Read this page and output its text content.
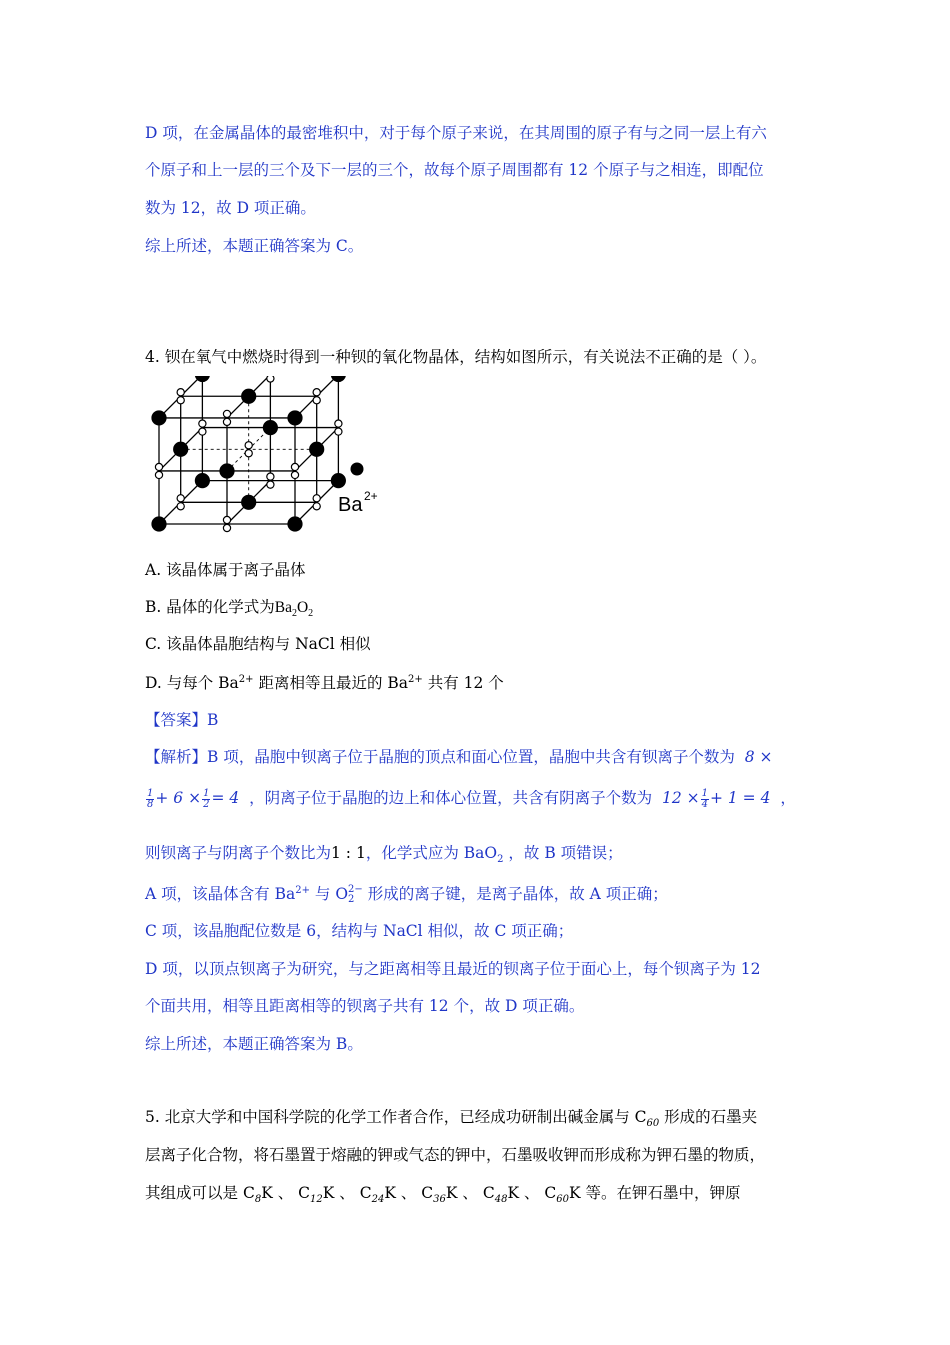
D 项，在金属晶体的最密堆积中，对于每个原子来说，在其周围的原子有与之同一层上有六
个原子和上一层的三个及下一层的三个，故每个原子周围都有 12 个原子与之相连，即配位
数为 12，故 D 项正确。
综上所述，本题正确答案为 C。
4. 钡在氧气中燃烧时得到一种钡的氧化物晶体，结构如图所示，有关说法不正确的是（ ）。
Ba 2+
A. 该晶体属于离子晶体
B. 晶体的化学式为$Ba_2O_2$
C. 该晶体晶胞结构与 NaCl 相似
D. 与每个 $Ba^{2+}$ 距离相等且最近的 $Ba^{2+}$ 共有 12 个
【答案】B
【解析】B 项，晶胞中钡离子位于晶胞的顶点和面心位置，晶胞中共含有钡离子个数为 8 ×
$\frac{1}{8} + 6 \times \frac{1}{2} = 4$ ，阴离子位于晶胞的边上和体心位置，共含有阴离子个数为 $12 \times \frac{1}{4} + 1 = 4$ ，
则钡离子与阴离子个数比为1 : 1，化学式应为 BaO$_2$ ，故 B 项错误；
A 项，该晶体含有 $Ba^{2+}$ 与 O 2−
2 形成的离子键，是离子晶体，故 A 项正确；
C 项，该晶胞配位数是 6，结构与 NaCl 相似，故 C 项正确；
D 项，以顶点钡离子为研究，与之距离相等且最近的钡离子位于面心上，每个钡离子为 12
个面共用，相等且距离相等的钡离子共有 12 个，故 D 项正确。
综上所述，本题正确答案为 B。
5. 北京大学和中国科学院的化学工作者合作，已经成功研制出碱金属与 $C_{60}$ 形成的石墨夹
层离子化合物，将石墨置于熔融的钾或气态的钾中，石墨吸收钾而形成称为钾石墨的物质，
其组成可以是 $C_8K$ 、 $C_{12}K$ 、 $C_{24}K$ 、 $C_{36}K$ 、 $C_{48}K$ 、 $C_{60}K$ 等。在钾石墨中，钾原
